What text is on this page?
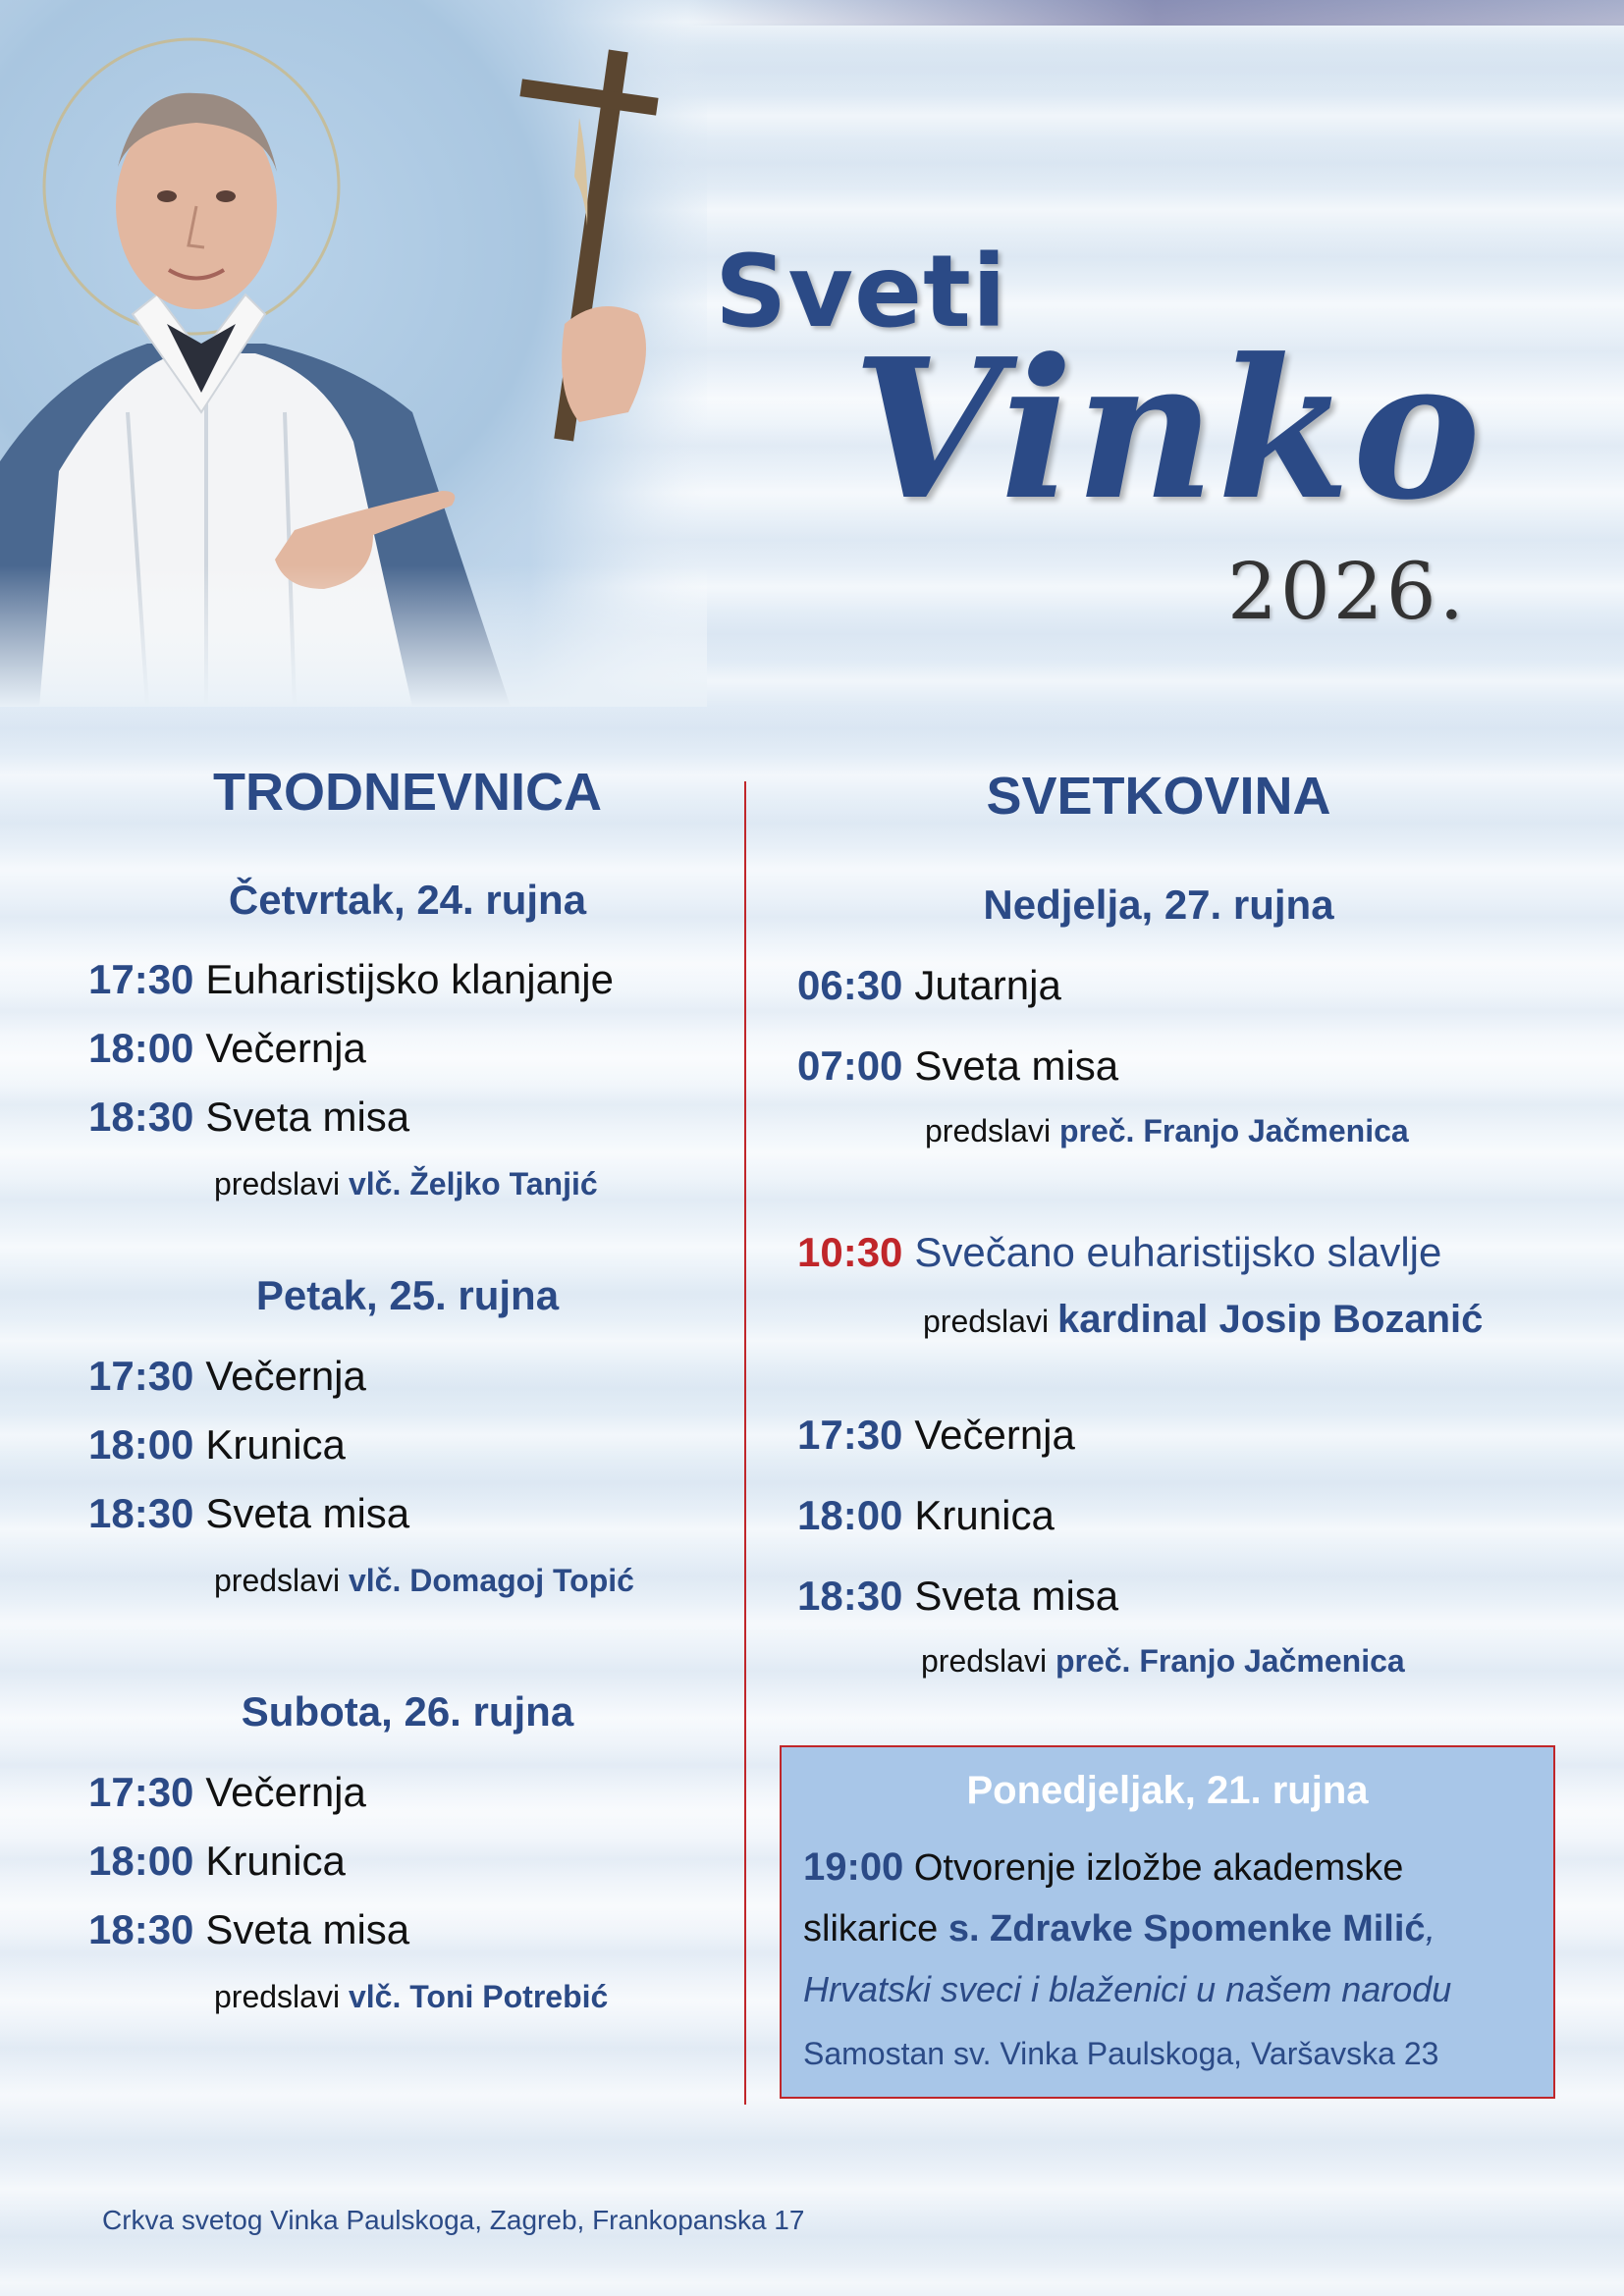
Sveti
Vinko
2026.
TRODNEVNICA
Četvrtak, 24. rujna
17:30 Euharistijsko klanjanje
18:00 Večernja
18:30 Sveta misa
predslavi vlč. Željko Tanjić
Petak, 25. rujna
17:30 Večernja
18:00 Krunica
18:30 Sveta misa
predslavi vlč. Domagoj Topić
Subota, 26. rujna
17:30 Večernja
18:00 Krunica
18:30 Sveta misa
predslavi vlč. Toni Potrebić
SVETKOVINA
Nedjelja, 27. rujna
06:30 Jutarnja
07:00 Sveta misa
predslavi preč. Franjo Jačmenica
10:30 Svečano euharistijsko slavlje
predslavi kardinal Josip Bozanić
17:30 Večernja
18:00 Krunica
18:30 Sveta misa
predslavi preč. Franjo Jačmenica
Ponedjeljak, 21. rujna
19:00 Otvorenje izložbe akademske
slikarice s. Zdravke Spomenke Milić,
Hrvatski sveci i blaženici u našem narodu
Samostan sv. Vinka Paulskoga, Varšavska 23

Crkva svetog Vinka Paulskoga, Zagreb, Frankopanska 17
